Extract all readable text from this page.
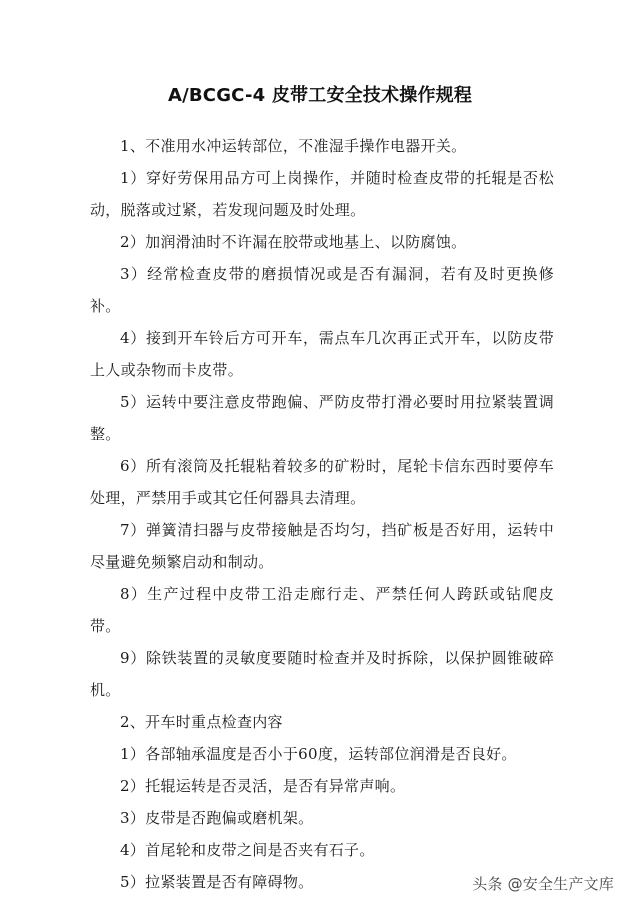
A/BCGC-4 皮带工安全技术操作规程

1、不准用水冲运转部位，不准湿手操作电器开关。

1）穿好劳保用品方可上岗操作，并随时检查皮带的托辊是否松动，脱落或过紧，若发现问题及时处理。

2）加润滑油时不许漏在胶带或地基上、以防腐蚀。

3）经常检查皮带的磨损情况或是否有漏洞，若有及时更换修补。

4）接到开车铃后方可开车，需点车几次再正式开车，以防皮带上人或杂物而卡皮带。

5）运转中要注意皮带跑偏、严防皮带打滑必要时用拉紧装置调整。

6）所有滚筒及托辊粘着较多的矿粉时，尾轮卡信东西时要停车处理，严禁用手或其它任何器具去清理。

7）弹簧清扫器与皮带接触是否均匀，挡矿板是否好用，运转中尽量避免频繁启动和制动。

8）生产过程中皮带工沿走廊行走、严禁任何人跨跃或钻爬皮带。

9）除铁装置的灵敏度要随时检查并及时拆除，以保护圆锥破碎机。

2、开车时重点检查内容

1）各部轴承温度是否小于60度，运转部位润滑是否良好。

2）托辊运转是否灵活，是否有异常声响。

3）皮带是否跑偏或磨机架。

4）首尾轮和皮带之间是否夹有石子。

5）拉紧装置是否有障碍物。	头条 @安全生产文库
